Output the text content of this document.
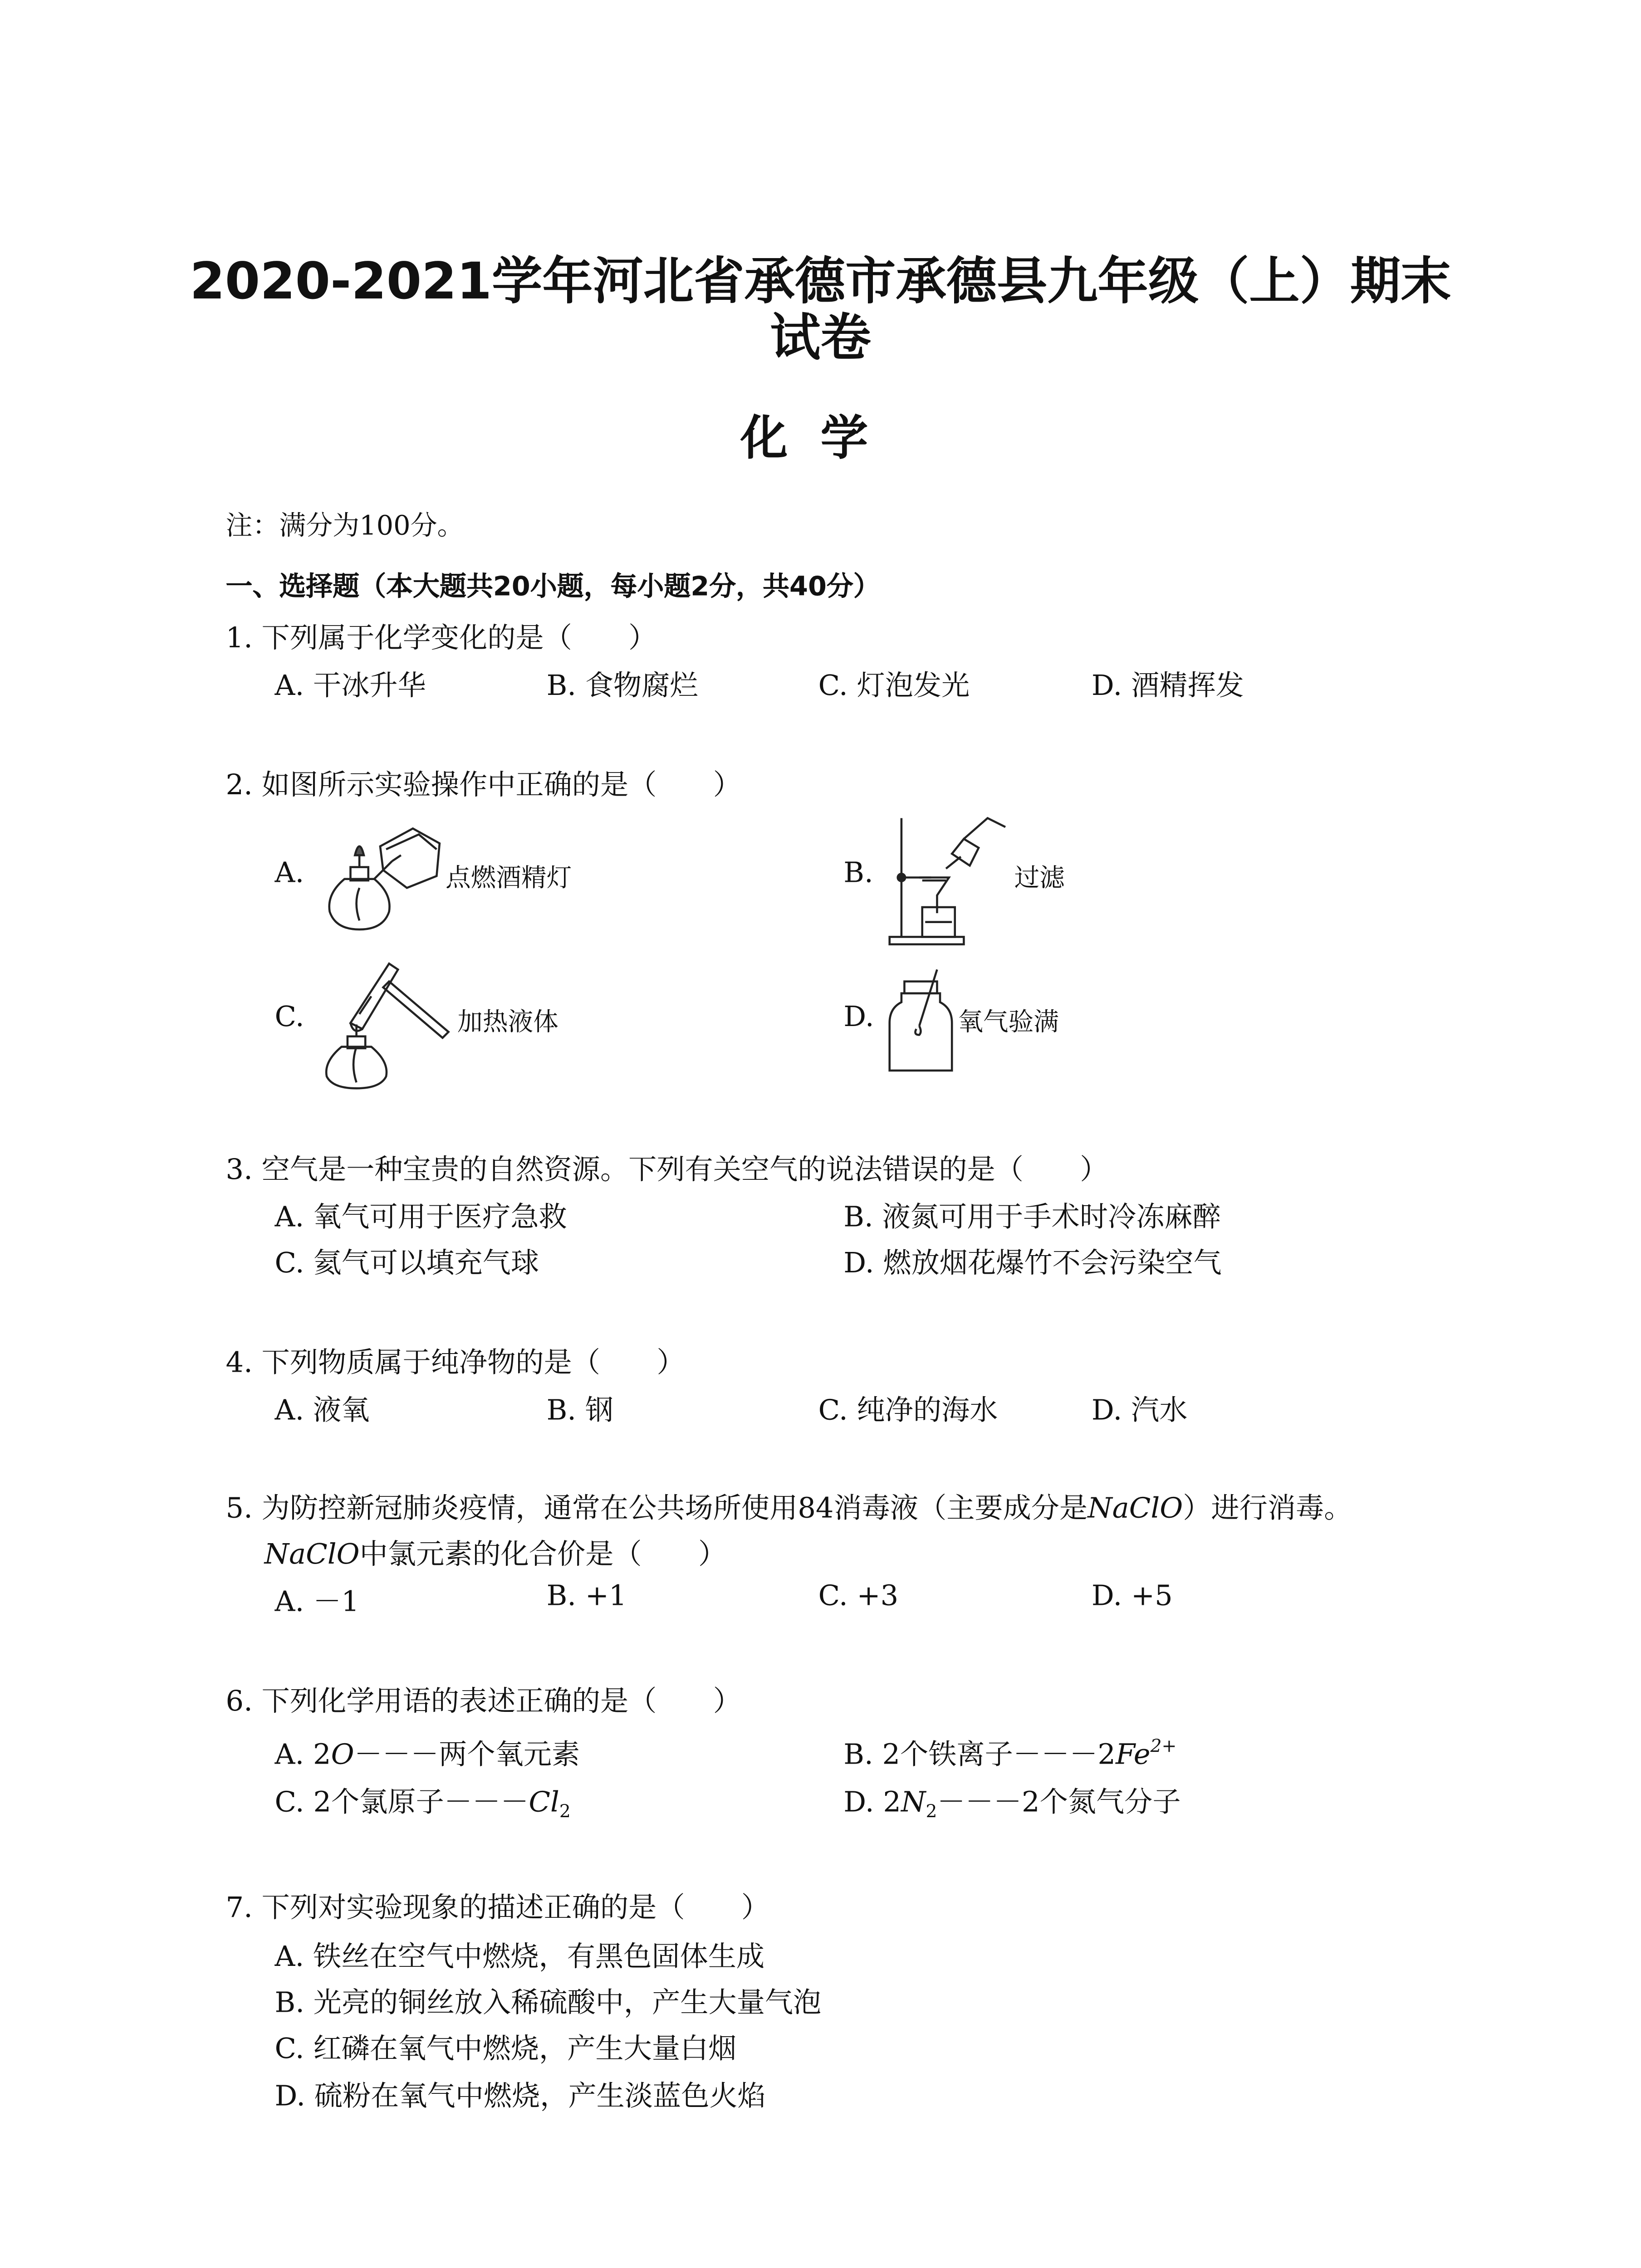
2020-2021学年河北省承德市承德县九年级（上）期末
试卷
化学
注：满分为100分。
一、选择题（本大题共20小题，每小题2分，共40分）
1. 下列属于化学变化的是（　　）
A. 干冰升华	B. 食物腐烂	C. 灯泡发光	D. 酒精挥发
2. 如图所示实验操作中正确的是（　　）
A.	点燃酒精灯	B.	过滤
C.	加热液体	D.	氧气验满
3. 空气是一种宝贵的自然资源。下列有关空气的说法错误的是（　　）
A. 氧气可用于医疗急救	B. 液氮可用于手术时冷冻麻醉
C. 氦气可以填充气球	D. 燃放烟花爆竹不会污染空气
4. 下列物质属于纯净物的是（　　）
A. 液氧	B. 钢	C. 纯净的海水	D. 汽水
5. 为防控新冠肺炎疫情，通常在公共场所使用84消毒液（主要成分是NaClO）进行消毒。
NaClO中氯元素的化合价是（　　）
A. －1	B. +1	C. +3	D. +5
6. 下列化学用语的表述正确的是（　　）
A. 2O－－－两个氧元素	B. 2个铁离子$---2Fe^{2+}$
C. 2个氯原子$---Cl_2$	D. $2N_2---2$个氮气分子
7. 下列对实验现象的描述正确的是（　　）
A. 铁丝在空气中燃烧，有黑色固体生成
B. 光亮的铜丝放入稀硫酸中，产生大量气泡
C. 红磷在氧气中燃烧，产生大量白烟
D. 硫粉在氧气中燃烧，产生淡蓝色火焰
